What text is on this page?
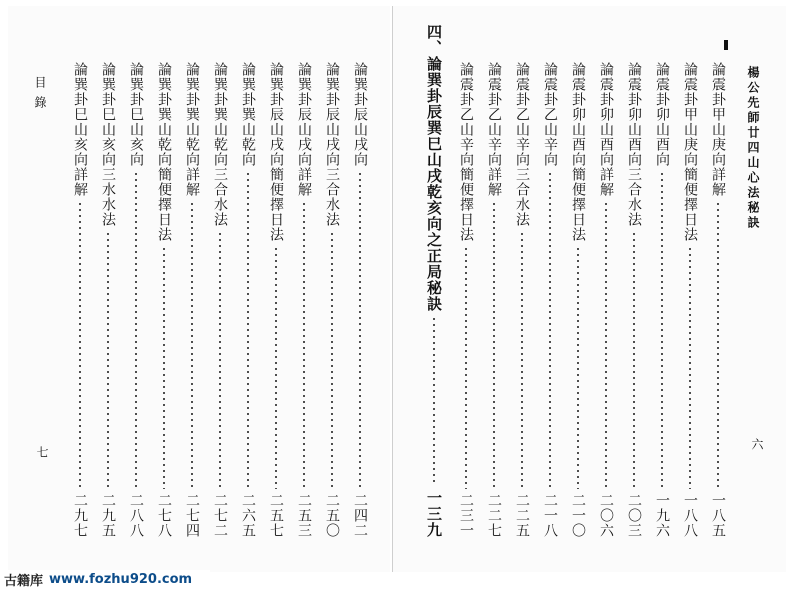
目錄
七
楊公先師廿四山心法秘訣
六
論震卦甲山庚向詳解
一八五
論震卦甲山庚向簡便擇日法
一八八
論震卦卯山酉向
一九六
論震卦卯山酉向三合水法
二〇三
論震卦卯山酉向詳解
二〇六
論震卦卯山酉向簡便擇日法
二一〇
論震卦乙山辛向
二一八
論震卦乙山辛向三合水法
二二五
論震卦乙山辛向詳解
二二七
論震卦乙山辛向簡便擇日法
二三一
四、論巽卦辰巽巳山戌乾亥向之正局秘訣
一三九
論巽卦辰山戌向
二四二
論巽卦辰山戌向三合水法
二五〇
論巽卦辰山戌向詳解
二五三
論巽卦辰山戌向簡便擇日法
二五七
論巽卦巽山乾向
二六五
論巽卦巽山乾向三合水法
二七二
論巽卦巽山乾向詳解
二七四
論巽卦巽山乾向簡便擇日法
二七八
論巽卦巳山亥向
二八八
論巽卦巳山亥向三水水法
二九五
論巽卦巳山亥向詳解
二九七
古籍库 www.fozhu920.com
